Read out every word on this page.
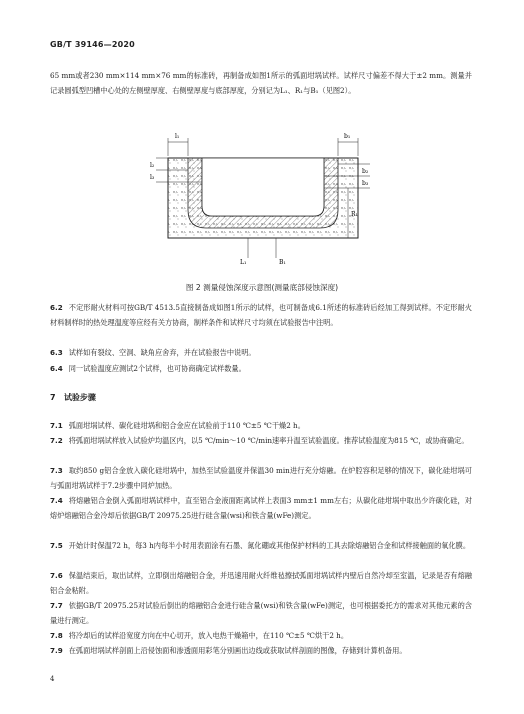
GB/T 39146—2020
65 mm或者230 mm×114 mm×76 mm的标准砖，再制备成如图1所示的弧面坩埚试样。试样尺寸偏差不得大于±2 mm。测量并记录圆弧型凹槽中心处的左侧壁厚度、右侧壁厚度与底部厚度，分别记为L₁、R₁与B₁（见图2）。
l₁	b₁
l₂
l₃
b₂
b₃
R₁
L₁	B₁
图 2 测量侵蚀深度示意图(测量底部侵蚀深度)
6.2 不定形耐火材料可按GB/T 4513.5直接制备成如图1所示的试样，也可制备成6.1所述的标准砖后经加工得到试样。不定形耐火材料制样时的热处理温度等应经有关方协商，制样条件和试样尺寸均须在试验报告中注明。
6.3 试样如有裂纹、空洞、缺角应舍弃，并在试验报告中说明。
6.4 同一试验温度应测试2个试样，也可协商确定试样数量。
7 试验步骤
7.1 弧面坩埚试样、碳化硅坩埚和铝合金应在试验前于110 ℃±5 ℃干燥2 h。
7.2 将弧面坩埚试样放入试验炉均温区内，以5 ℃/min～10 ℃/min速率升温至试验温度。推荐试验温度为815 ℃，或协商确定。
7.3 取约850 g铝合金放入碳化硅坩埚中，加热至试验温度并保温30 min进行充分熔融。在炉腔容积足够的情况下，碳化硅坩埚可与弧面坩埚试样于7.2步骤中同炉加热。
7.4 将熔融铝合金倒入弧面坩埚试样中，直至铝合金液面距离试样上表面3 mm±1 mm左右；从碳化硅坩埚中取出少许碳化硅，对熔炉熔融铝合金冷却后依据GB/T 20975.25进行硅含量(wsi)和铁含量(wFe)测定。
7.5 开始计时保温72 h，每3 h内每半小时用表面涂有石墨、氮化硼或其他保护材料的工具去除熔融铝合金和试样接触面的氧化膜。
7.6 保温结束后，取出试样，立即倒出熔融铝合金，并迅速用耐火纤维毡擦拭弧面坩埚试样内壁后自然冷却至室温，记录是否有熔融铝合金粘附。
7.7 依据GB/T 20975.25对试验后倒出的熔融铝合金进行硅含量(wsi)和铁含量(wFe)测定，也可根据委托方的需求对其他元素的含量进行测定。
7.8 将冷却后的试样沿宽度方向在中心切开，放入电热干燥箱中，在110 ℃±5 ℃烘干2 h。
7.9 在弧面坩埚试样剖面上沿侵蚀面和渗透面用彩笔分别画出边线或获取试样剖面的图像，存储到计算机备用。
4
